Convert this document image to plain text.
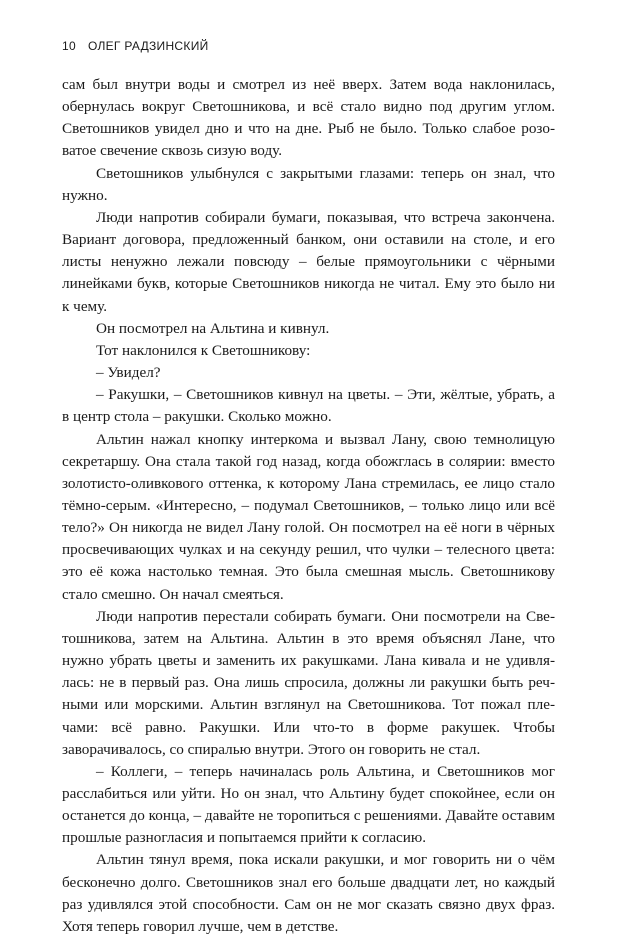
10 ОЛЕГ РАДЗИНСКИЙ

сам был внутри воды и смотрел из неё вверх. Затем вода наклонилась, обернулась вокруг Светошникова, и всё стало видно под другим углом. Светошников увидел дно и что на дне. Рыб не было. Только слабое розоватое свечение сквозь сизую воду.

Светошников улыбнулся с закрытыми глазами: теперь он знал, что нужно.

Люди напротив собирали бумаги, показывая, что встреча закончена. Вариант договора, предложенный банком, они оставили на столе, и его листы ненужно лежали повсюду – белые прямоугольники с чёрными линейками букв, которые Светошников никогда не читал. Ему это было ни к чему.

Он посмотрел на Альтина и кивнул.

Тот наклонился к Светошникову:

– Увидел?

– Ракушки, – Светошников кивнул на цветы. – Эти, жёлтые, убрать, а в центр стола – ракушки. Сколько можно.

Альтин нажал кнопку интеркома и вызвал Лану, свою темнолицую секретаршу. Она стала такой год назад, когда обожглась в солярии: вместо золотисто-оливкового оттенка, к которому Лана стремилась, ее лицо стало тёмно-серым. «Интересно, – подумал Светошников, – только лицо или всё тело?» Он никогда не видел Лану голой. Он посмотрел на её ноги в чёрных просвечивающих чулках и на секунду решил, что чулки – телесного цвета: это её кожа настолько темная. Это была смешная мысль. Светошникову стало смешно. Он начал смеяться.

Люди напротив перестали собирать бумаги. Они посмотрели на Светошникова, затем на Альтина. Альтин в это время объяснял Лане, что нужно убрать цветы и заменить их ракушками. Лана кивала и не удивлялась: не в первый раз. Она лишь спросила, должны ли ракушки быть речными или морскими. Альтин взглянул на Светошникова. Тот пожал плечами: всё равно. Ракушки. Или что-то в форме ракушек. Чтобы заворачивалось, со спиралью внутри. Этого он говорить не стал.

– Коллеги, – теперь начиналась роль Альтина, и Светошников мог расслабиться или уйти. Но он знал, что Альтину будет спокойнее, если он останется до конца, – давайте не торопиться с решениями. Давайте оставим прошлые разногласия и попытаемся прийти к согласию.

Альтин тянул время, пока искали ракушки, и мог говорить ни о чём бесконечно долго. Светошников знал его больше двадцати лет, но каждый раз удивлялся этой способности. Сам он не мог сказать связно двух фраз. Хотя теперь говорил лучше, чем в детстве.
